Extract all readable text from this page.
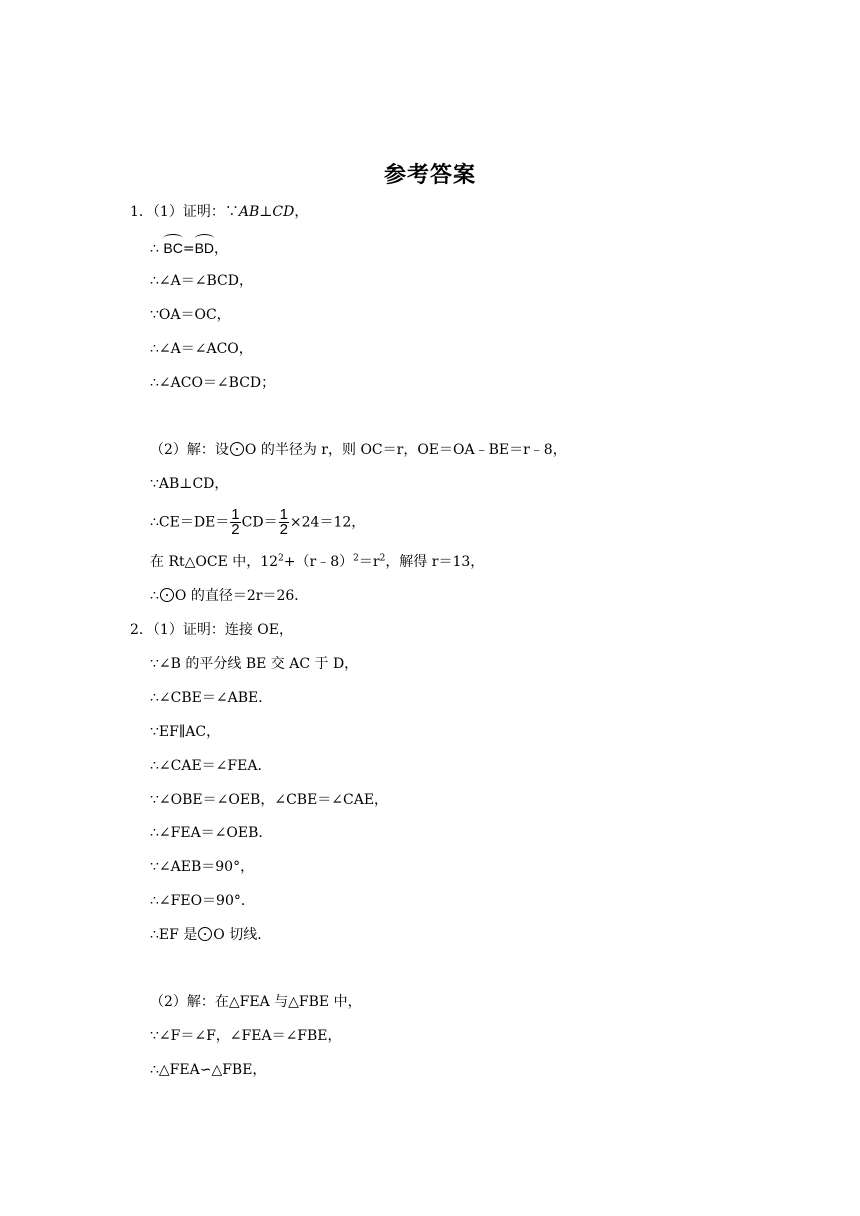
参考答案
1．（1）证明：∵AB⊥CD，
∴ BC=BD，
∴∠A＝∠BCD，
∵OA＝OC，
∴∠A＝∠ACO，
∴∠ACO＝∠BCD；
（2）解：设 O 的半径为 r，则 OC＝r，OE＝OA﹣BE＝r﹣8，
∵AB⊥CD，
∴CE＝DE＝ $\frac{1}{2} CD= \frac{1}{2} \times 24=12$，
在 Rt△OCE 中，$12^2+(r﹣8)^2=r^2$，解得 r＝13，
∴ O 的直径＝2r＝26．
2．（1）证明：连接 OE，
∵∠B 的平分线 BE 交 AC 于 D，
∴∠CBE＝∠ABE．
∵EF∥AC，
∴∠CAE＝∠FEA．
∵∠OBE＝∠OEB，∠CBE＝∠CAE，
∴∠FEA＝∠OEB．
∵∠AEB＝90°，
∴∠FEO＝90°．
∴EF 是 O 切线．
（2）解：在△FEA 与△FBE 中，
∵∠F＝∠F，∠FEA＝∠FBE，
∴△FEA∽△FBE，
